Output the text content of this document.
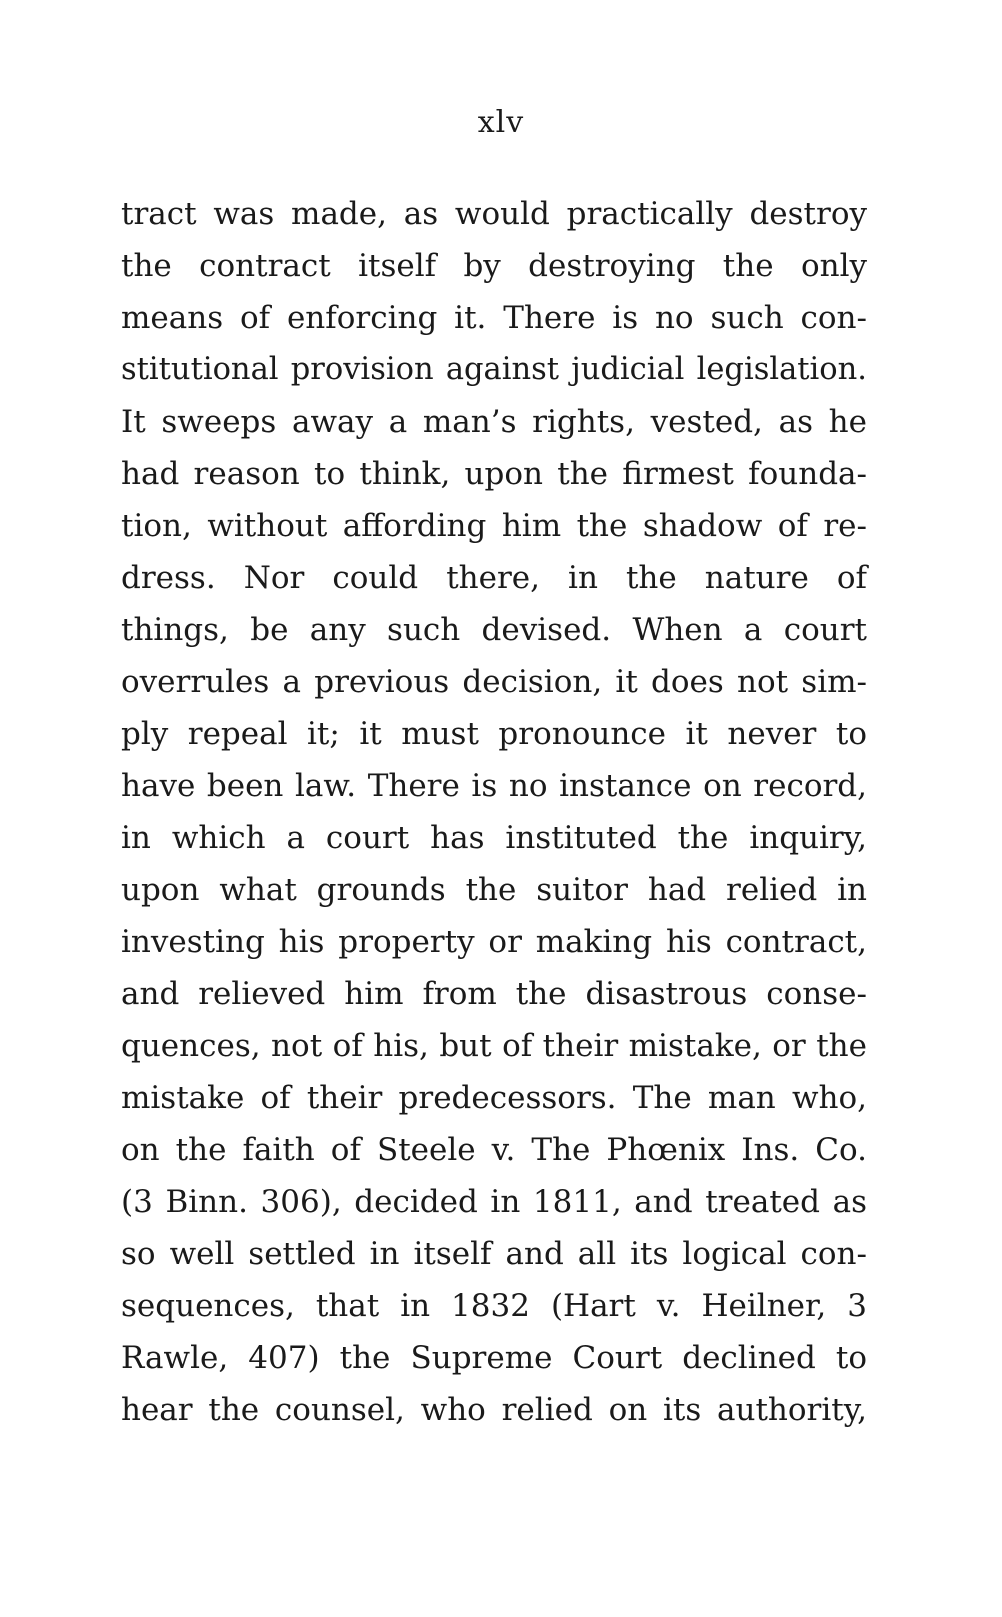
xlv
tract was made, as would practically destroy
the contract itself by destroying the only
means of enforcing it. There is no such con-
stitutional provision against judicial legislation.
It sweeps away a man’s rights, vested, as he
had reason to think, upon the firmest founda-
tion, without affording him the shadow of re-
dress. Nor could there, in the nature of
things, be any such devised. When a court
overrules a previous decision, it does not sim-
ply repeal it; it must pronounce it never to
have been law. There is no instance on record,
in which a court has instituted the inquiry,
upon what grounds the suitor had relied in
investing his property or making his contract,
and relieved him from the disastrous conse-
quences, not of his, but of their mistake, or the
mistake of their predecessors. The man who,
on the faith of Steele v. The Phœnix Ins. Co.
(3 Binn. 306), decided in 1811, and treated as
so well settled in itself and all its logical con-
sequences, that in 1832 (Hart v. Heilner, 3
Rawle, 407) the Supreme Court declined to
hear the counsel, who relied on its authority,
